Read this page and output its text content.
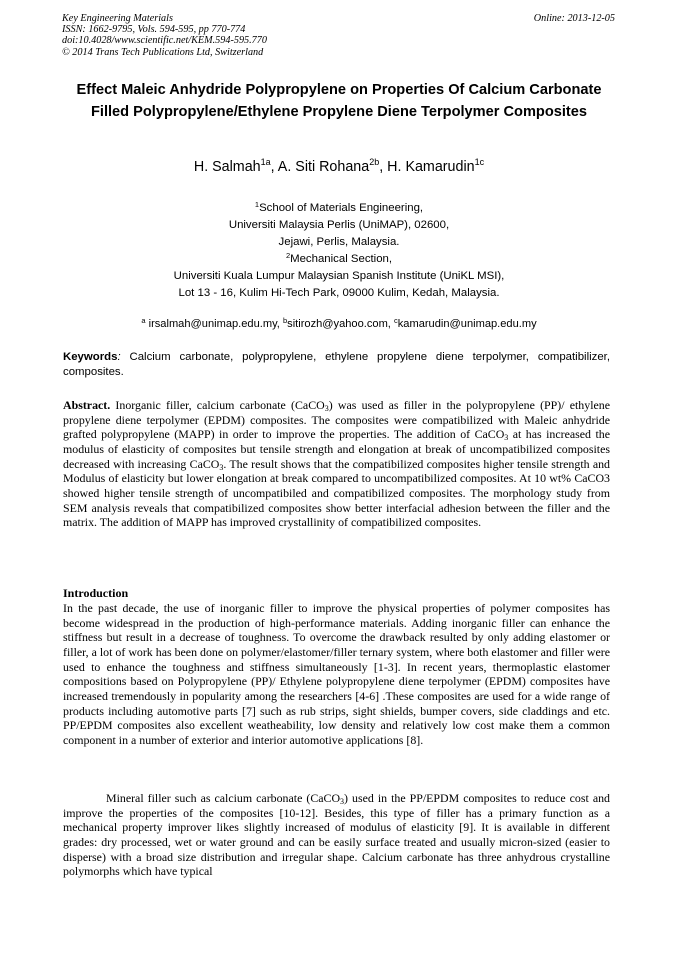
Key Engineering Materials
ISSN: 1662-9795, Vols. 594-595, pp 770-774
doi:10.4028/www.scientific.net/KEM.594-595.770
© 2014 Trans Tech Publications Ltd, Switzerland
Online: 2013-12-05
Effect Maleic Anhydride Polypropylene on Properties Of Calcium Carbonate Filled Polypropylene/Ethylene Propylene Diene Terpolymer Composites
H. Salmah$^{1a}$, A. Siti Rohana$^{2b}$, H. Kamarudin$^{1c}$
$^1$School of Materials Engineering,
Universiti Malaysia Perlis (UniMAP), 02600,
Jejawi, Perlis, Malaysia.
$^2$Mechanical Section,
Universiti Kuala Lumpur Malaysian Spanish Institute (UniKL MSI),
Lot 13 - 16, Kulim Hi-Tech Park, 09000 Kulim, Kedah, Malaysia.
$^a$ irsalmah@unimap.edu.my, $^b$sitirozh@yahoo.com, $^c$kamarudin@unimap.edu.my
Keywords: Calcium carbonate, polypropylene, ethylene propylene diene terpolymer, compatibilizer, composites.
Abstract. Inorganic filler, calcium carbonate (CaCO$_3$) was used as filler in the polypropylene (PP)/ ethylene propylene diene terpolymer (EPDM) composites. The composites were compatibilized with Maleic anhydride grafted polypropylene (MAPP) in order to improve the properties. The addition of CaCO$_3$ at has increased the modulus of elasticity of composites but tensile strength and elongation at break of uncompatibilized composites decreased with increasing CaCO$_3$. The result shows that the compatibilized composites higher tensile strength and Modulus of elasticity but lower elongation at break compared to uncompatibilized composites. At 10 wt% CaCO3 showed higher tensile strength of uncompatibiled and compatibilized composites. The morphology study from SEM analysis reveals that compatibilized composites show better interfacial adhesion between the filler and the matrix. The addition of MAPP has improved crystallinity of compatibilized composites.
Introduction
In the past decade, the use of inorganic filler to improve the physical properties of polymer composites has become widespread in the production of high-performance materials. Adding inorganic filler can enhance the stiffness but result in a decrease of toughness. To overcome the drawback resulted by only adding elastomer or filler, a lot of work has been done on polymer/elastomer/filler ternary system, where both elastomer and filler were used to enhance the toughness and stiffness simultaneously [1-3]. In recent years, thermoplastic elastomer compositions based on Polypropylene (PP)/ Ethylene polypropylene diene terpolymer (EPDM) composites have increased tremendously in popularity among the researchers [4-6] .These composites are used for a wide range of products including automotive parts [7] such as rub strips, sight shields, bumper covers, side claddings and etc. PP/EPDM composites also excellent weatheability, low density and relatively low cost make them a common component in a number of exterior and interior automotive applications [8].
Mineral filler such as calcium carbonate (CaCO$_3$) used in the PP/EPDM composites to reduce cost and improve the properties of the composites [10-12]. Besides, this type of filler has a primary function as a mechanical property improver likes slightly increased of modulus of elasticity [9]. It is available in different grades: dry processed, wet or water ground and can be easily surface treated and usually micron-sized (easier to disperse) with a broad size distribution and irregular shape. Calcium carbonate has three anhydrous crystalline polymorphs which have typical
